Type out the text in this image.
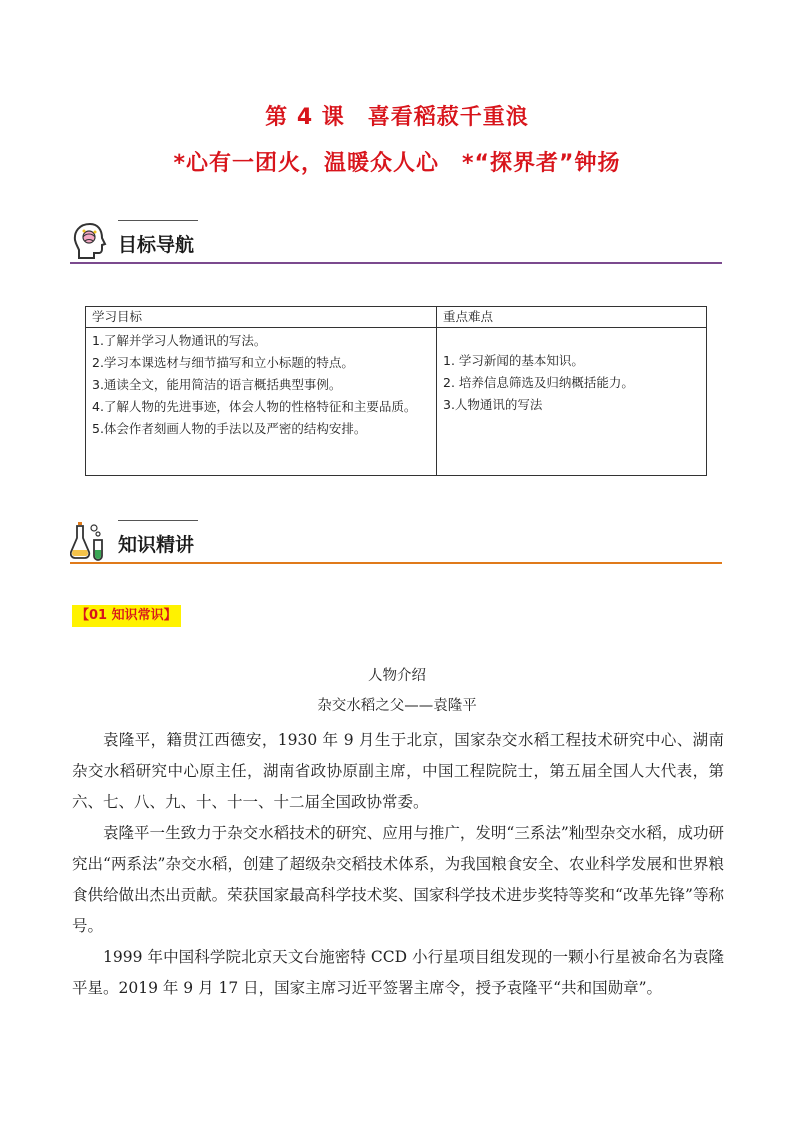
第 4 课　喜看稻菽千重浪
*心有一团火，温暖众人心　*“探界者”钟扬
目标导航
学习目标
1.了解并学习人物通讯的写法。
2.学习本课选材与细节描写和立小标题的特点。
3.通读全文，能用简洁的语言概括典型事例。
4.了解人物的先进事迹，体会人物的性格特征和主要品质。
5.体会作者刻画人物的手法以及严密的结构安排。
重点难点
1. 学习新闻的基本知识。
2. 培养信息筛选及归纳概括能力。
3.人物通讯的写法
知识精讲
【01 知识常识】
人物介绍
杂交水稻之父——袁隆平

袁隆平，籍贯江西德安，1930 年 9 月生于北京，国家杂交水稻工程技术研究中心、湖南杂交水稻研究中心原主任，湖南省政协原副主席，中国工程院院士，第五届全国人大代表，第六、七、八、九、十、十一、十二届全国政协常委。

袁隆平一生致力于杂交水稻技术的研究、应用与推广，发明“三系法”籼型杂交水稻，成功研究出“两系法”杂交水稻，创建了超级杂交稻技术体系，为我国粮食安全、农业科学发展和世界粮食供给做出杰出贡献。荣获国家最高科学技术奖、国家科学技术进步奖特等奖和“改革先锋”等称号。

1999 年中国科学院北京天文台施密特 CCD 小行星项目组发现的一颗小行星被命名为袁隆平星。2019 年 9 月 17 日，国家主席习近平签署主席令，授予袁隆平“共和国勋章”。
